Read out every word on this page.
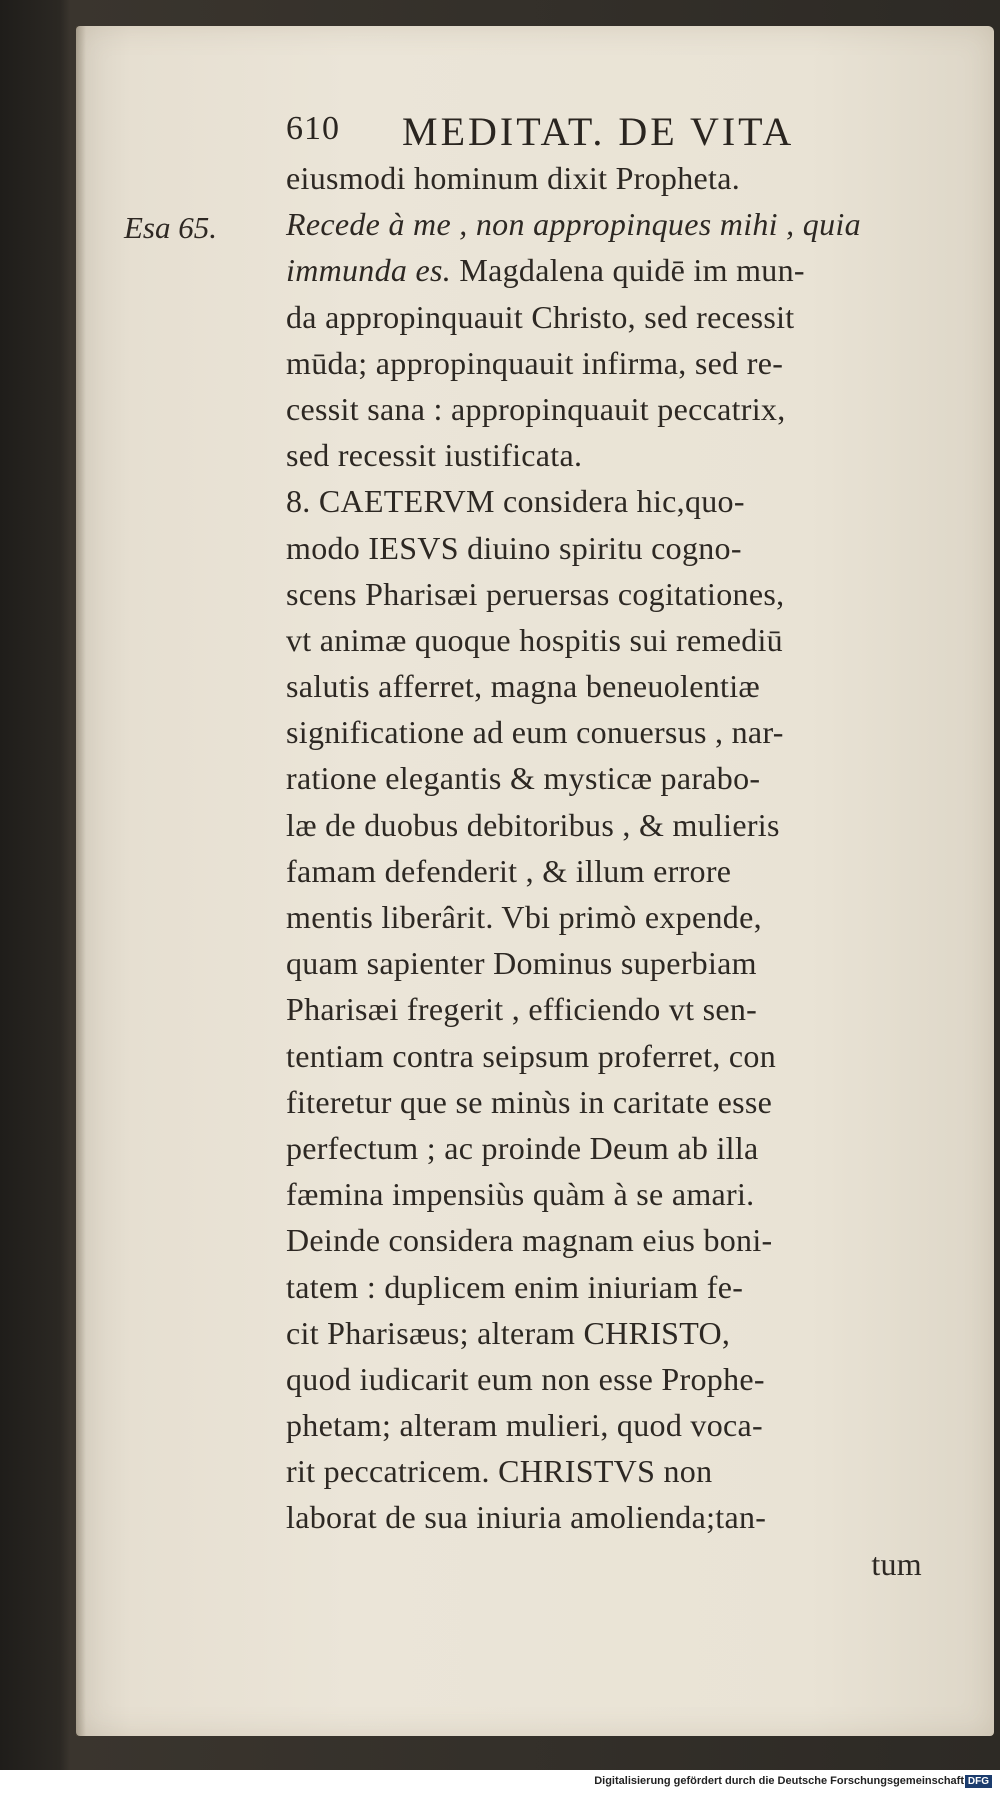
610 MEDITAT. DE VITA
Esa 65.
eiusmodi hominum dixit Propheta.
Recede à me , non appropinques mihi , quia
immunda es. Magdalena quidē im mun-
da appropinquauit Christo, sed recessit
mūda; appropinquauit infirma, sed re-
cessit sana : appropinquauit peccatrix,
sed recessit iustificata.
8. CAETERVM considera hic,quo-
modo IESVS diuino spiritu cogno-
scens Pharisæi peruersas cogitationes,
vt animæ quoque hospitis sui remediū
salutis afferret, magna beneuolentiæ
significatione ad eum conuersus , nar-
ratione elegantis & mysticæ parabo-
læ de duobus debitoribus , & mulieris
famam defenderit , & illum errore
mentis liberârit. Vbi primò expende,
quam sapienter Dominus superbiam
Pharisæi fregerit , efficiendo vt sen-
tentiam contra seipsum proferret, con
fiteretur que se minùs in caritate esse
perfectum ; ac proinde Deum ab illa
fæmina impensiùs quàm à se amari.
Deinde considera magnam eius boni-
tatem : duplicem enim iniuriam fe-
cit Pharisæus; alteram CHRISTO,
quod iudicarit eum non esse Prophe-
phetam; alteram mulieri, quod voca-
rit peccatricem. CHRISTVS non
laborat de sua iniuria amolienda;tan-
tum
Digitalisierung gefördert durch die Deutsche Forschungsgemeinschaft DFG
